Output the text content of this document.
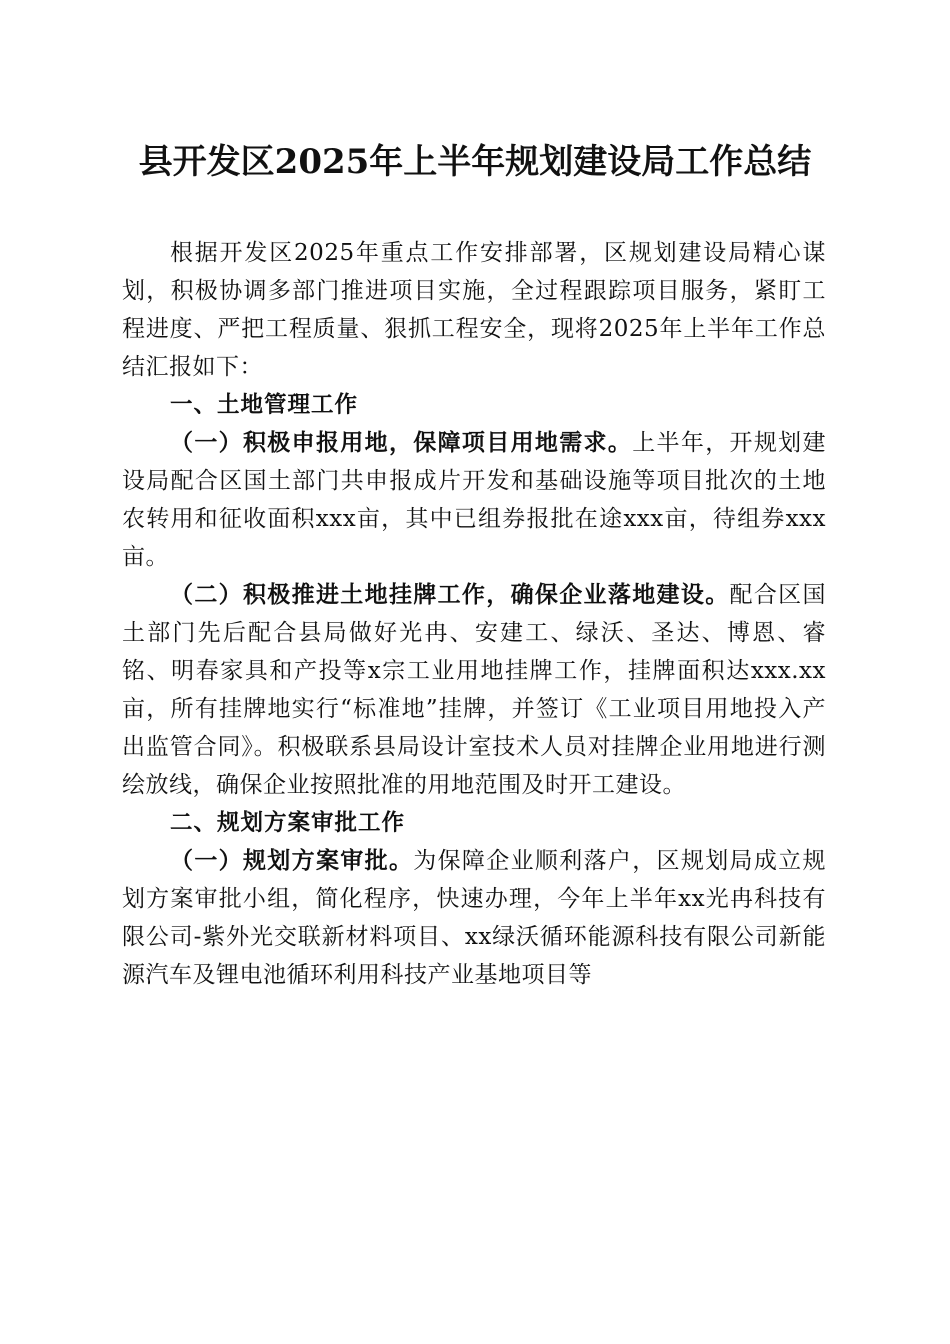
县开发区2025年上半年规划建设局工作总结

根据开发区2025年重点工作安排部署，区规划建设局精心谋划，积极协调多部门推进项目实施，全过程跟踪项目服务，紧盯工程进度、严把工程质量、狠抓工程安全，现将2025年上半年工作总结汇报如下：

一、土地管理工作

（一）积极申报用地，保障项目用地需求。上半年，开规划建设局配合区国土部门共申报成片开发和基础设施等项目批次的土地农转用和征收面积xxx亩，其中已组券报批在途xxx亩，待组券xxx亩。

（二）积极推进土地挂牌工作，确保企业落地建设。配合区国土部门先后配合县局做好光冉、安建工、绿沃、圣达、博恩、睿铭、明春家具和产投等x宗工业用地挂牌工作，挂牌面积达xxx.xx亩，所有挂牌地实行“标准地”挂牌，并签订《工业项目用地投入产出监管合同》。积极联系县局设计室技术人员对挂牌企业用地进行测绘放线，确保企业按照批准的用地范围及时开工建设。

二、规划方案审批工作

（一）规划方案审批。为保障企业顺利落户，区规划局成立规划方案审批小组，简化程序，快速办理，今年上半年xx光冉科技有限公司-紫外光交联新材料项目、xx绿沃循环能源科技有限公司新能源汽车及锂电池循环利用科技产业基地项目等
